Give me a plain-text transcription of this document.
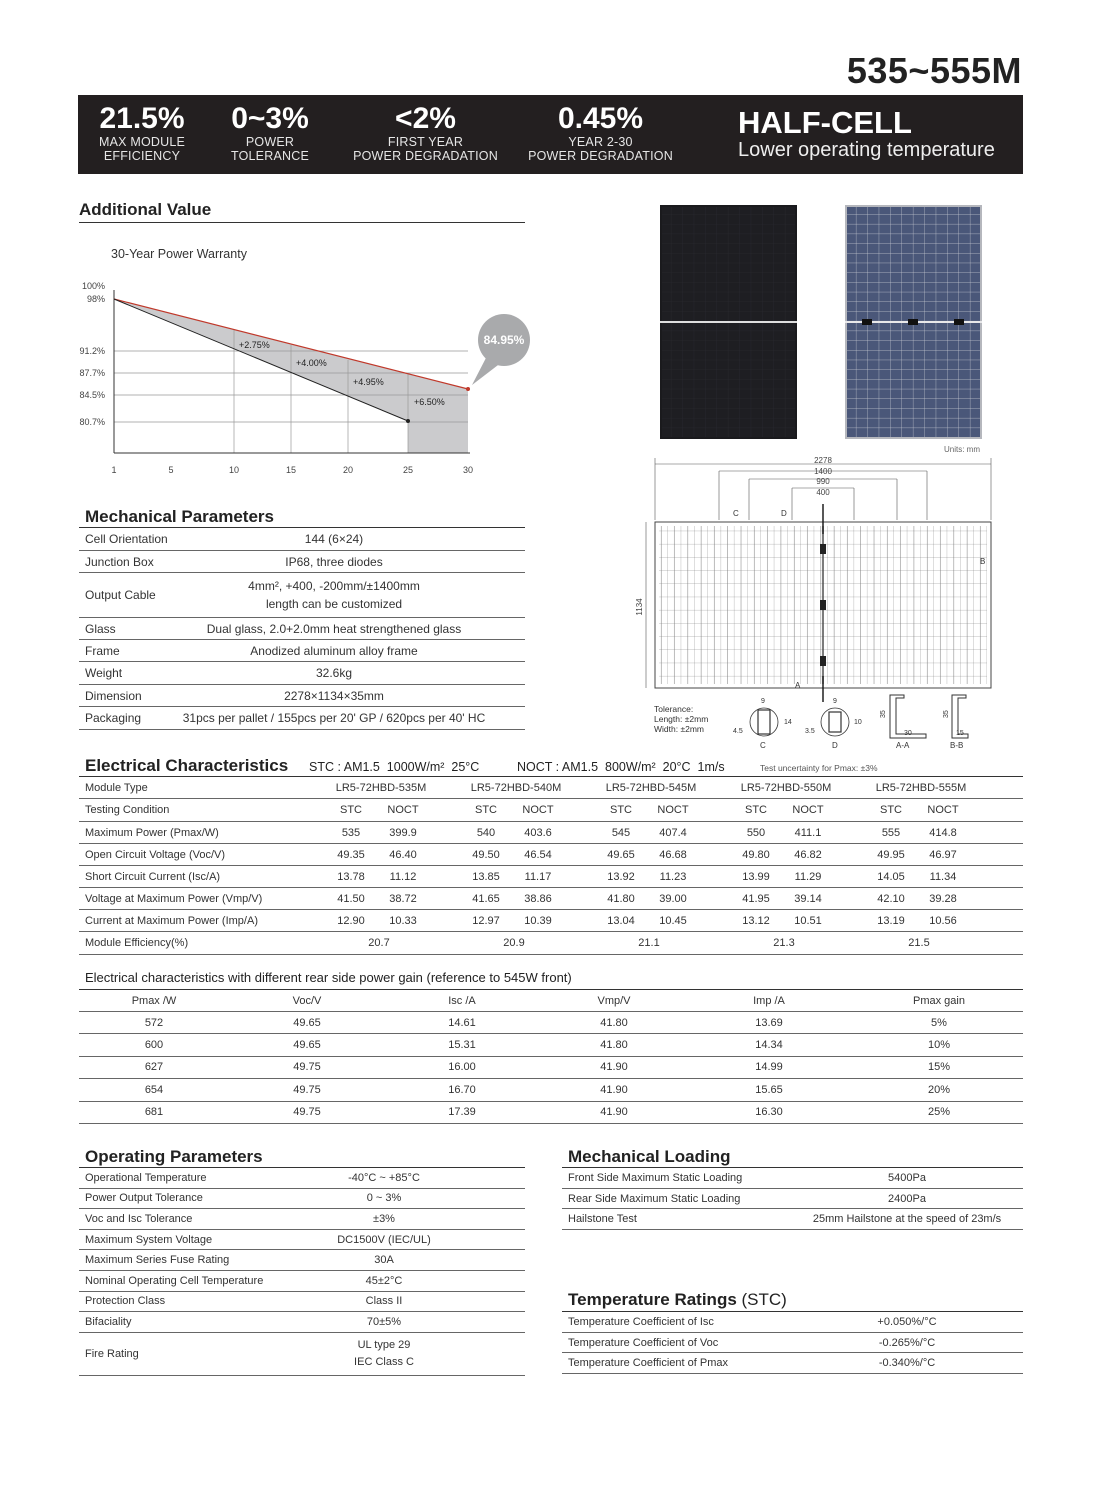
535~555M
21.5%
MAX MODULE
EFFICIENCY
0~3%
POWER
TOLERANCE
<2%
FIRST YEAR
POWER DEGRADATION
0.45%
YEAR 2-30
POWER DEGRADATION
HALF-CELL
Lower operating temperature
Additional Value
30-Year Power Warranty
100%
98%
91.2%
87.7%
84.5%
80.7%
+2.75%
+4.00%
+4.95%
+6.50%
84.95%
1	5	10	15	20	25	30
Units: mm
2278
1400
990
400
1134
C	D
A
B
Tolerance:
Length: ±2mm
Width: ±2mm
9
4.5
14
C
9
3.5
10
D
35
30
A-A
35
15
B-B
Mechanical Parameters
Cell Orientation	144 (6×24)
Junction Box	IP68, three diodes
Output Cable
4mm², +400, -200mm/±1400mm
length can be customized
Glass	Dual glass, 2.0+2.0mm heat strengthened glass
Frame	Anodized aluminum alloy frame
Weight	32.6kg
Dimension	2278×1134×35mm
Packaging	31pcs per pallet / 155pcs per 20' GP / 620pcs per 40' HC
Electrical Characteristics STC : AM1.5  1000W/m²  25°C	NOCT : AM1.5  800W/m²  20°C  1m/s	Test uncertainty for Pmax: ±3%
Module Type	LR5-72HBD-535M	LR5-72HBD-540M	LR5-72HBD-545M	LR5-72HBD-550M	LR5-72HBD-555M
Testing Condition	STC	NOCT	STC	NOCT	STC	NOCT	STC	NOCT	STC	NOCT
Maximum Power (Pmax/W)	535	399.9	540	403.6	545	407.4	550	411.1	555	414.8
Open Circuit Voltage (Voc/V)	49.35	46.40	49.50	46.54	49.65	46.68	49.80	46.82	49.95	46.97
Short Circuit Current (Isc/A)	13.78	11.12	13.85	11.17	13.92	11.23	13.99	11.29	14.05	11.34
Voltage at Maximum Power (Vmp/V)	41.50	38.72	41.65	38.86	41.80	39.00	41.95	39.14	42.10	39.28
Current at Maximum Power (Imp/A)	12.90	10.33	12.97	10.39	13.04	10.45	13.12	10.51	13.19	10.56
Module Efficiency(%)	20.7	20.9	21.1	21.3	21.5
Electrical characteristics with different rear side power gain (reference to 545W front)
Pmax /W	Voc/V	Isc /A	Vmp/V	Imp /A	Pmax gain
572	49.65	14.61	41.80	13.69	5%
600	49.65	15.31	41.80	14.34	10%
627	49.75	16.00	41.90	14.99	15%
654	49.75	16.70	41.90	15.65	20%
681	49.75	17.39	41.90	16.30	25%
Operating Parameters
Operational Temperature	-40°C ~ +85°C
Power Output Tolerance	0 ~ 3%
Voc and Isc Tolerance	±3%
Maximum System Voltage	DC1500V (IEC/UL)
Maximum Series Fuse Rating	30A
Nominal Operating Cell Temperature	45±2°C
Protection Class	Class II
Bifaciality	70±5%
Fire Rating
UL type 29
IEC Class C
Mechanical Loading
Front Side Maximum Static Loading	5400Pa
Rear Side Maximum Static Loading	2400Pa
Hailstone Test	25mm Hailstone at the speed of 23m/s
Temperature Ratings (STC)
Temperature Coefficient of Isc	+0.050%/°C
Temperature Coefficient of Voc	-0.265%/°C
Temperature Coefficient of Pmax	-0.340%/°C
